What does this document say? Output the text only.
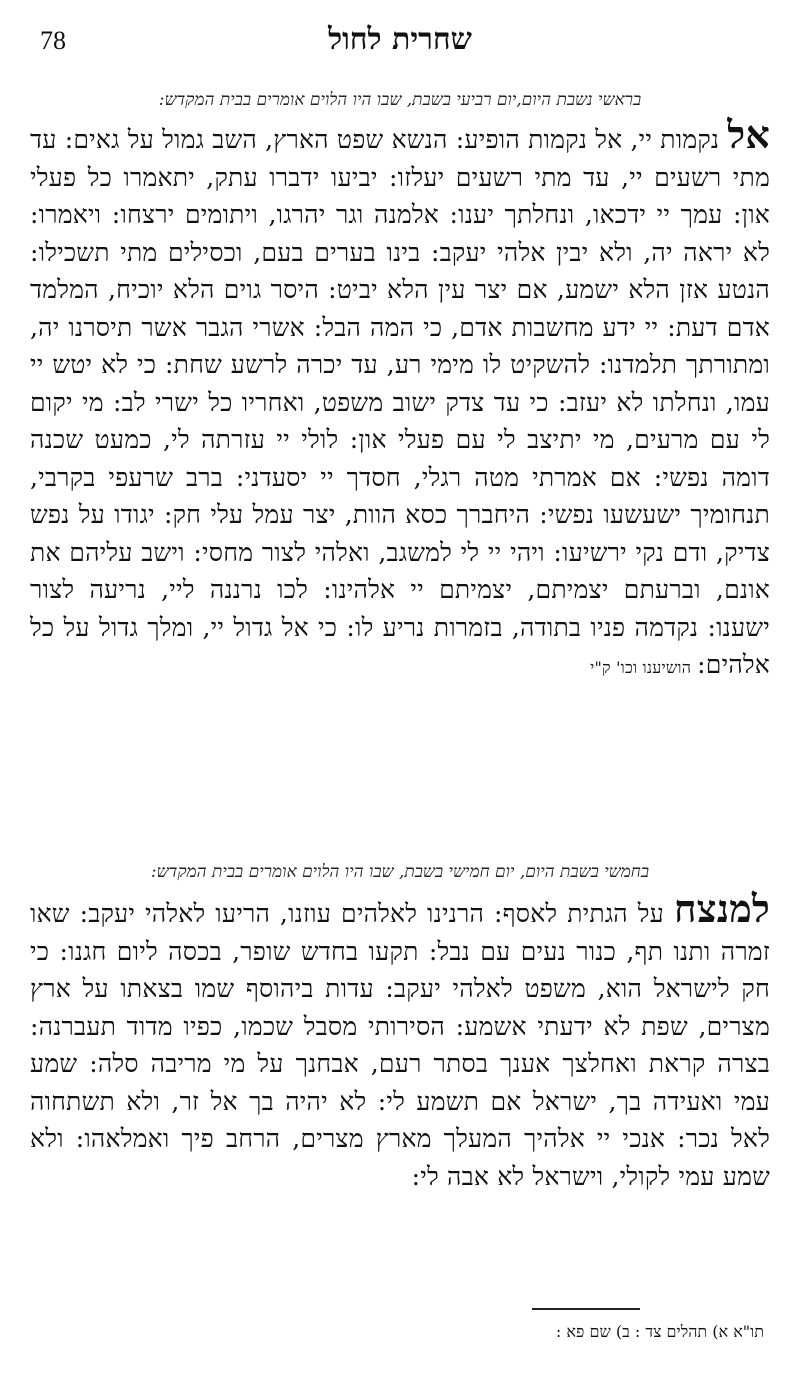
78	שחרית לחול
בראשי נשבת היום,יום רביעי בשבת, שבו היו הלוים אומרים בבית המקדש:
אל נקמות יי, אל נקמות הופיע: הנשא שפט הארץ, השב גמול על גאים: עד מתי רשעים יי, עד מתי רשעים יעלזו: יביעו ידברו עתק, יתאמרו כל פעלי און: עמך יי ידכאו, ונחלתך יענו: אלמנה וגר יהרגו, ויתומים ירצחו: ויאמרו: לא יראה יה, ולא יבין אלהי יעקב: בינו בערים בעם, וכסילים מתי תשכילו: הנטע אזן הלא ישמע, אם יצר עין הלא יביט: היסר גוים הלא יוכיח, המלמד אדם דעת: יי ידע מחשבות אדם, כי המה הבל: אשרי הגבר אשר תיסרנו יה, ומתורתך תלמדנו: להשקיט לו מימי רע, עד יכרה לרשע שחת: כי לא יטש יי עמו, ונחלתו לא יעזב: כי עד צדק ישוב משפט, ואחריו כל ישרי לב: מי יקום לי עם מרעים, מי יתיצב לי עם פעלי און: לולי יי עזרתה לי, כמעט שכנה דומה נפשי: אם אמרתי מטה רגלי, חסדך יי יסעדני: ברב שרעפי בקרבי, תנחומיך ישעשעו נפשי: היחברך כסא הוות, יצר עמל עלי חק: יגודו על נפש צדיק, ודם נקי ירשיעו: ויהי יי לי למשגב, ואלהי לצור מחסי: וישב עליהם את אונם, וברעתם יצמיתם, יצמיתם יי אלהינו: לכו נרננה ליי, נריעה לצור ישענו: נקדמה פניו בתודה, בזמרות נריע לו: כי אל גדול יי, ומלך גדול על כל אלהים:הושיענו וכו' ק"י
בחמשי בשבת היום, יום חמישי בשבת, שבו היו הלוים אומרים בבית המקדש:
למנצח על הגתית לאסף: הרנינו לאלהים עוזנו, הריעו לאלהי יעקב: שאו זמרה ותנו תף, כנור נעים עם נבל: תקעו בחדש שופר, בכסה ליום חגנו: כי חק לישראל הוא, משפט לאלהי יעקב: עדות ביהוסף שמו בצאתו על ארץ מצרים, שפת לא ידעתי אשמע: הסירותי מסבל שכמו, כפיו מדוד תעברנה: בצרה קראת ואחלצך אענך בסתר רעם, אבחנך על מי מריבה סלה: שמע עמי ואעידה בך, ישראל אם תשמע לי: לא יהיה בך אל זר, ולא תשתחוה לאל נכר: אנכי יי אלהיך המעלך מארץ מצרים, הרחב פיך ואמלאהו: ולא שמע עמי לקולי, וישראל לא אבה לי:
תו"א א) תהלים צד : ב) שם פא :
